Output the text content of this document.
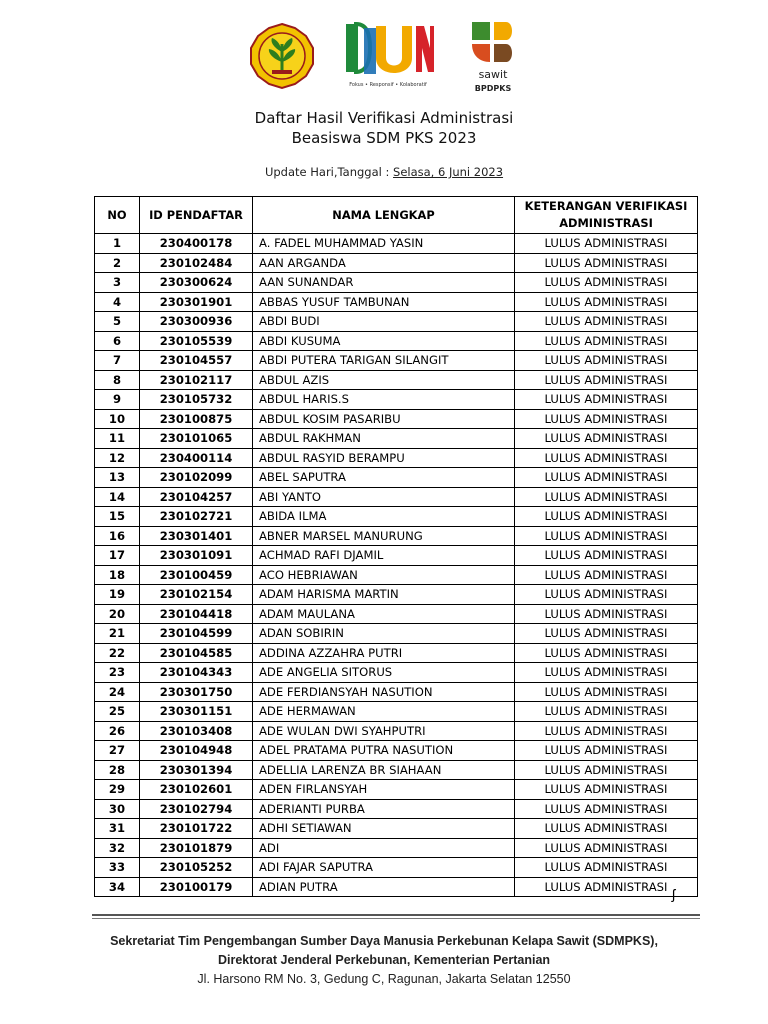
Fokus • Responsif • Kolaboratif
sawit
BPDPKS
Daftar Hasil Verifikasi Administrasi
Beasiswa SDM PKS 2023
Update Hari,Tanggal : Selasa, 6 Juni 2023
NO	ID PENDAFTAR	NAMA LENGKAP	KETERANGAN VERIFIKASI
ADMINISTRASI

1	230400178	A. FADEL MUHAMMAD YASIN	LULUS ADMINISTRASI
2	230102484	AAN ARGANDA	LULUS ADMINISTRASI
3	230300624	AAN SUNANDAR	LULUS ADMINISTRASI
4	230301901	ABBAS YUSUF TAMBUNAN	LULUS ADMINISTRASI
5	230300936	ABDI BUDI	LULUS ADMINISTRASI
6	230105539	ABDI KUSUMA	LULUS ADMINISTRASI
7	230104557	ABDI PUTERA TARIGAN SILANGIT	LULUS ADMINISTRASI
8	230102117	ABDUL AZIS	LULUS ADMINISTRASI
9	230105732	ABDUL HARIS.S	LULUS ADMINISTRASI
10	230100875	ABDUL KOSIM PASARIBU	LULUS ADMINISTRASI
11	230101065	ABDUL RAKHMAN	LULUS ADMINISTRASI
12	230400114	ABDUL RASYID BERAMPU	LULUS ADMINISTRASI
13	230102099	ABEL SAPUTRA	LULUS ADMINISTRASI
14	230104257	ABI YANTO	LULUS ADMINISTRASI
15	230102721	ABIDA ILMA	LULUS ADMINISTRASI
16	230301401	ABNER MARSEL MANURUNG	LULUS ADMINISTRASI
17	230301091	ACHMAD RAFI DJAMIL	LULUS ADMINISTRASI
18	230100459	ACO HEBRIAWAN	LULUS ADMINISTRASI
19	230102154	ADAM HARISMA MARTIN	LULUS ADMINISTRASI
20	230104418	ADAM MAULANA	LULUS ADMINISTRASI
21	230104599	ADAN SOBIRIN	LULUS ADMINISTRASI
22	230104585	ADDINA AZZAHRA PUTRI	LULUS ADMINISTRASI
23	230104343	ADE ANGELIA SITORUS	LULUS ADMINISTRASI
24	230301750	ADE FERDIANSYAH NASUTION	LULUS ADMINISTRASI
25	230301151	ADE HERMAWAN	LULUS ADMINISTRASI
26	230103408	ADE WULAN DWI SYAHPUTRI	LULUS ADMINISTRASI
27	230104948	ADEL PRATAMA PUTRA NASUTION	LULUS ADMINISTRASI
28	230301394	ADELLIA LARENZA BR SIAHAAN	LULUS ADMINISTRASI
29	230102601	ADEN FIRLANSYAH	LULUS ADMINISTRASI
30	230102794	ADERIANTI PURBA	LULUS ADMINISTRASI
31	230101722	ADHI SETIAWAN	LULUS ADMINISTRASI
32	230101879	ADI	LULUS ADMINISTRASI
33	230105252	ADI FAJAR SAPUTRA	LULUS ADMINISTRASI
34	230100179	ADIAN PUTRA	LULUS ADMINISTRASI ʃ
Sekretariat Tim Pengembangan Sumber Daya Manusia Perkebunan Kelapa Sawit (SDMPKS),
Direktorat Jenderal Perkebunan, Kementerian Pertanian
Jl. Harsono RM No. 3, Gedung C, Ragunan, Jakarta Selatan 12550
